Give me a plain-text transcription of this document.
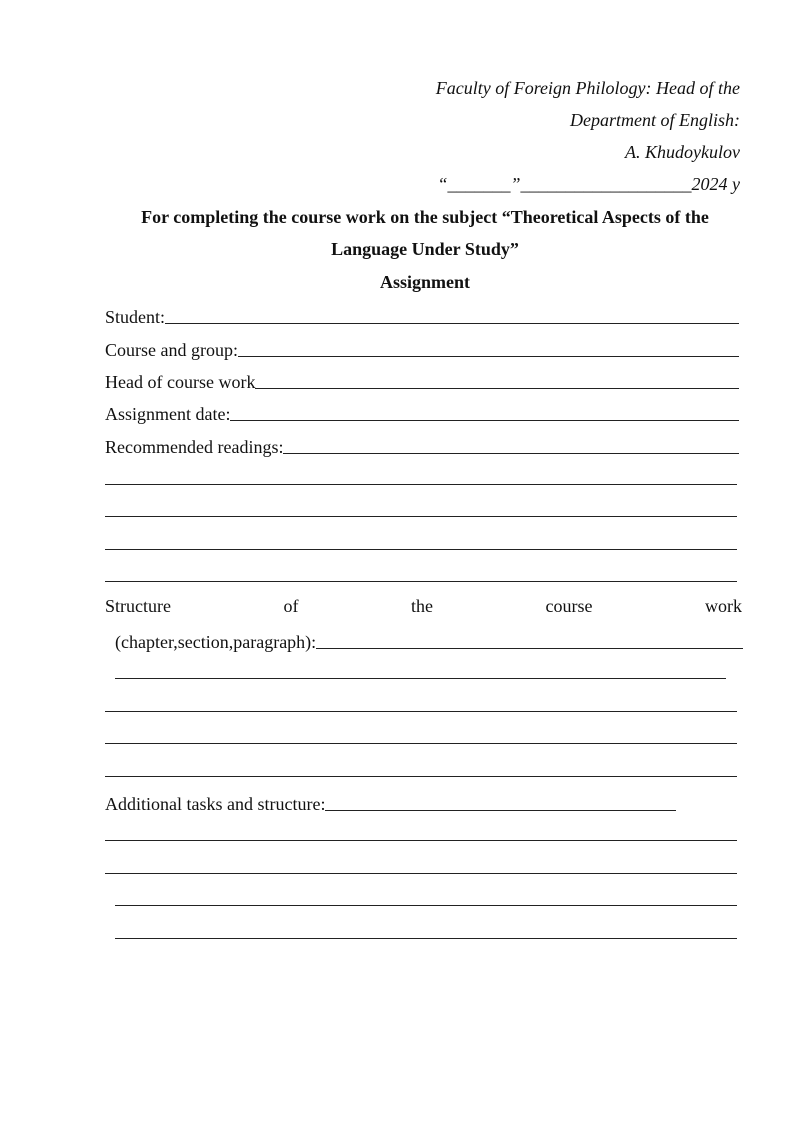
Faculty of Foreign Philology: Head of the
Department of English:
A. Khudoykulov
“_______”___________________2024 y
For completing the course work on the subject “Theoretical Aspects of the
Language Under Study”
Assignment
Student:
Course and group:
Head of course work
Assignment date:
Recommended readings:
Structure	of	the	course	work
(chapter,section,paragraph):
Additional tasks and structure:
